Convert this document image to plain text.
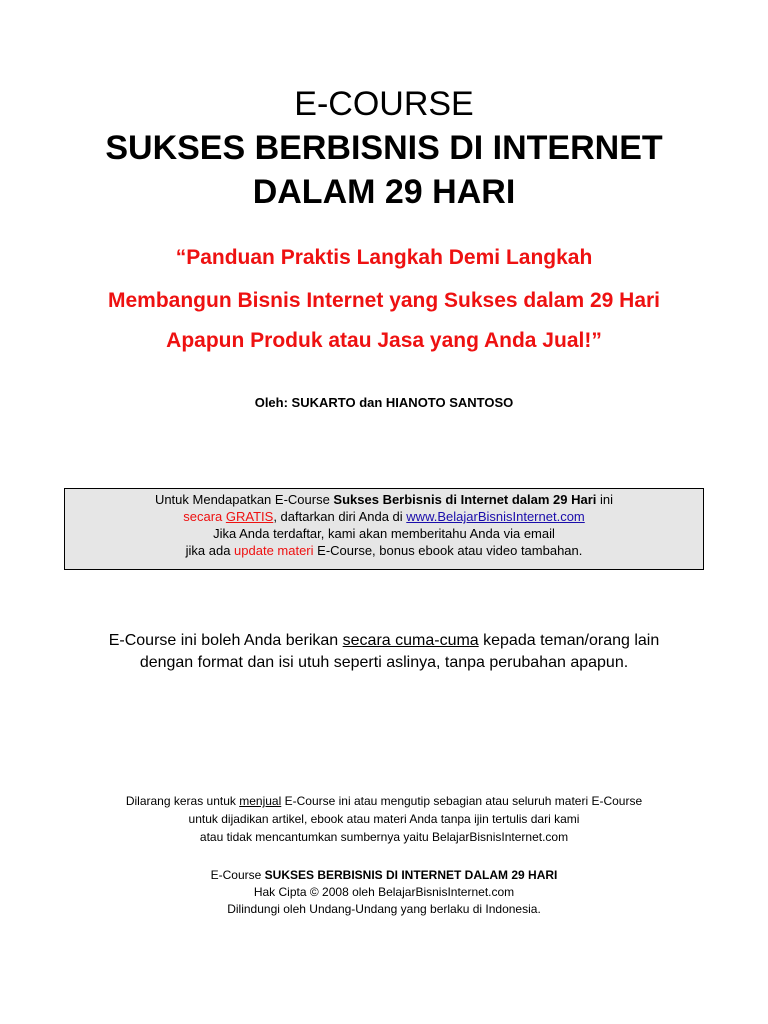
E-COURSE
SUKSES BERBISNIS DI INTERNET
DALAM 29 HARI
“Panduan Praktis Langkah Demi Langkah
Membangun Bisnis Internet yang Sukses dalam 29 Hari
Apapun Produk atau Jasa yang Anda Jual!”
Oleh: SUKARTO dan HIANOTO SANTOSO
Untuk Mendapatkan E-Course Sukses Berbisnis di Internet dalam 29 Hari ini
secara GRATIS, daftarkan diri Anda di www.BelajarBisnisInternet.com
Jika Anda terdaftar, kami akan memberitahu Anda via email
jika ada update materi E-Course, bonus ebook atau video tambahan.
E-Course ini boleh Anda berikan secara cuma-cuma kepada teman/orang lain
dengan format dan isi utuh seperti aslinya, tanpa perubahan apapun.
Dilarang keras untuk menjual E-Course ini atau mengutip sebagian atau seluruh materi E-Course
untuk dijadikan artikel, ebook atau materi Anda tanpa ijin tertulis dari kami
atau tidak mencantumkan sumbernya yaitu BelajarBisnisInternet.com
E-Course SUKSES BERBISNIS DI INTERNET DALAM 29 HARI
Hak Cipta © 2008 oleh BelajarBisnisInternet.com
Dilindungi oleh Undang-Undang yang berlaku di Indonesia.
